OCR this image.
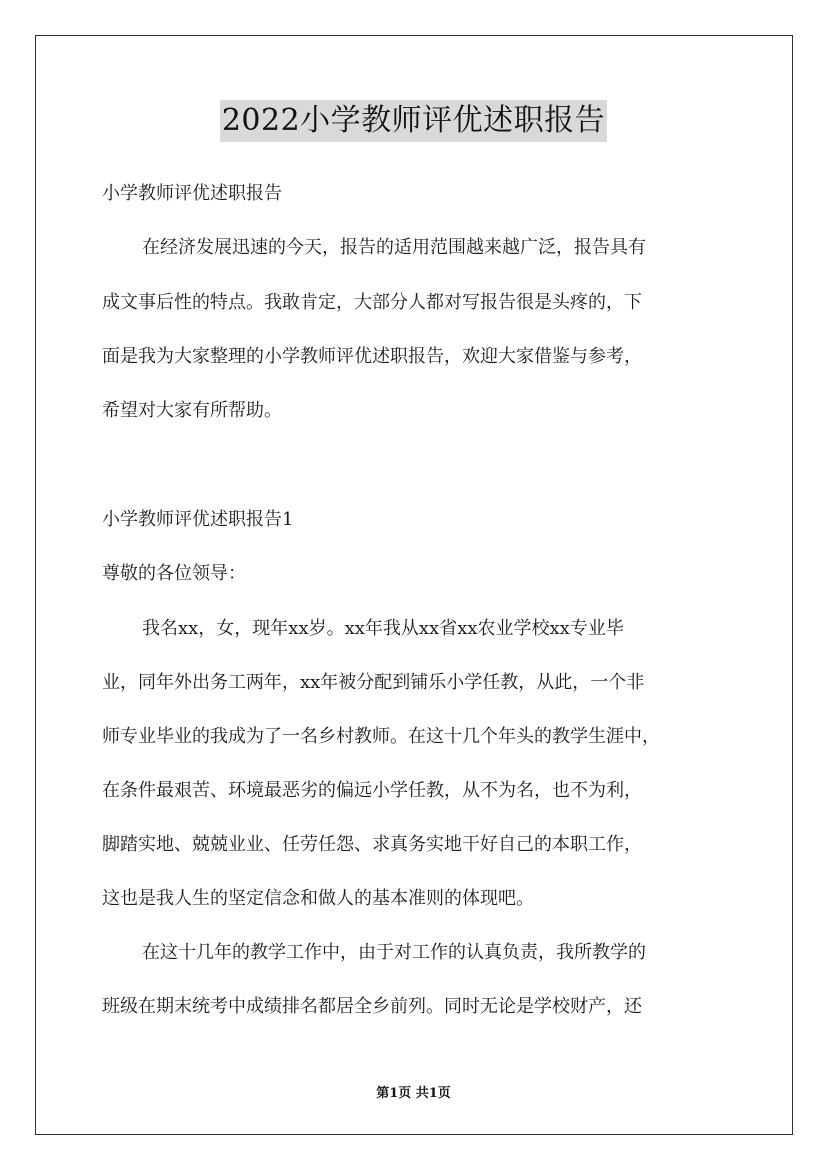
2022小学教师评优述职报告
小学教师评优述职报告
在经济发展迅速的今天，报告的适用范围越来越广泛，报告具有
成文事后性的特点。我敢肯定，大部分人都对写报告很是头疼的，下
面是我为大家整理的小学教师评优述职报告，欢迎大家借鉴与参考，
希望对大家有所帮助。
小学教师评优述职报告1
尊敬的各位领导：
我名xx，女，现年xx岁。xx年我从xx省xx农业学校xx专业毕
业，同年外出务工两年，xx年被分配到铺乐小学任教，从此，一个非
师专业毕业的我成为了一名乡村教师。在这十几个年头的教学生涯中，
在条件最艰苦、环境最恶劣的偏远小学任教，从不为名，也不为利，
脚踏实地、兢兢业业、任劳任怨、求真务实地干好自己的本职工作，
这也是我人生的坚定信念和做人的基本准则的体现吧。
在这十几年的教学工作中，由于对工作的认真负责，我所教学的
班级在期末统考中成绩排名都居全乡前列。同时无论是学校财产，还
第1页 共1页
